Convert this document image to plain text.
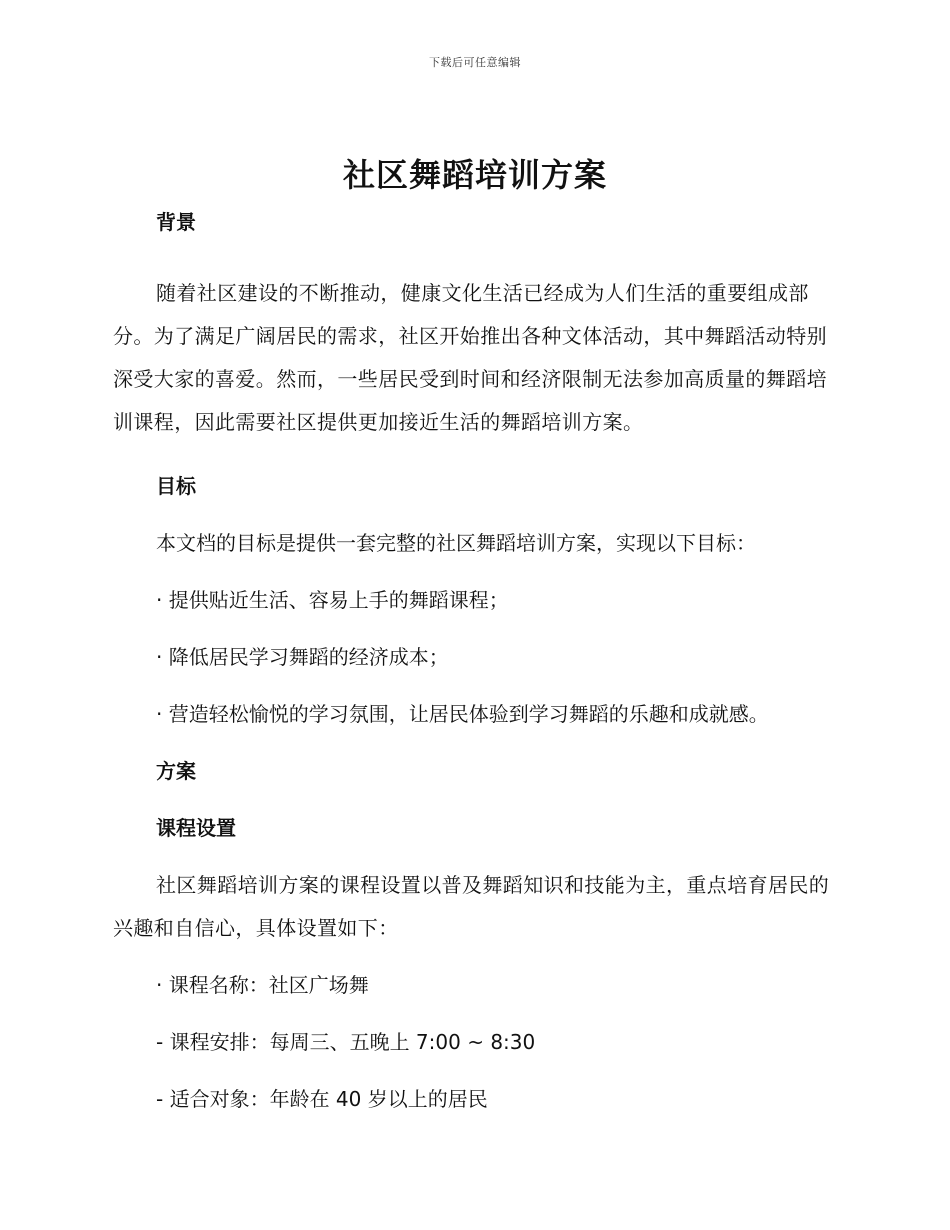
下载后可任意编辑
社区舞蹈培训方案
背景
随着社区建设的不断推动，健康文化生活已经成为人们生活的重要组成部分。为了满足广阔居民的需求，社区开始推出各种文体活动，其中舞蹈活动特别深受大家的喜爱。然而，一些居民受到时间和经济限制无法参加高质量的舞蹈培训课程，因此需要社区提供更加接近生活的舞蹈培训方案。
目标
本文档的目标是提供一套完整的社区舞蹈培训方案，实现以下目标：
· 提供贴近生活、容易上手的舞蹈课程；
· 降低居民学习舞蹈的经济成本；
· 营造轻松愉悦的学习氛围，让居民体验到学习舞蹈的乐趣和成就感。
方案
课程设置
社区舞蹈培训方案的课程设置以普及舞蹈知识和技能为主，重点培育居民的兴趣和自信心，具体设置如下：
· 课程名称：社区广场舞
- 课程安排：每周三、五晚上 7:00 ~ 8:30
- 适合对象：年龄在 40 岁以上的居民
